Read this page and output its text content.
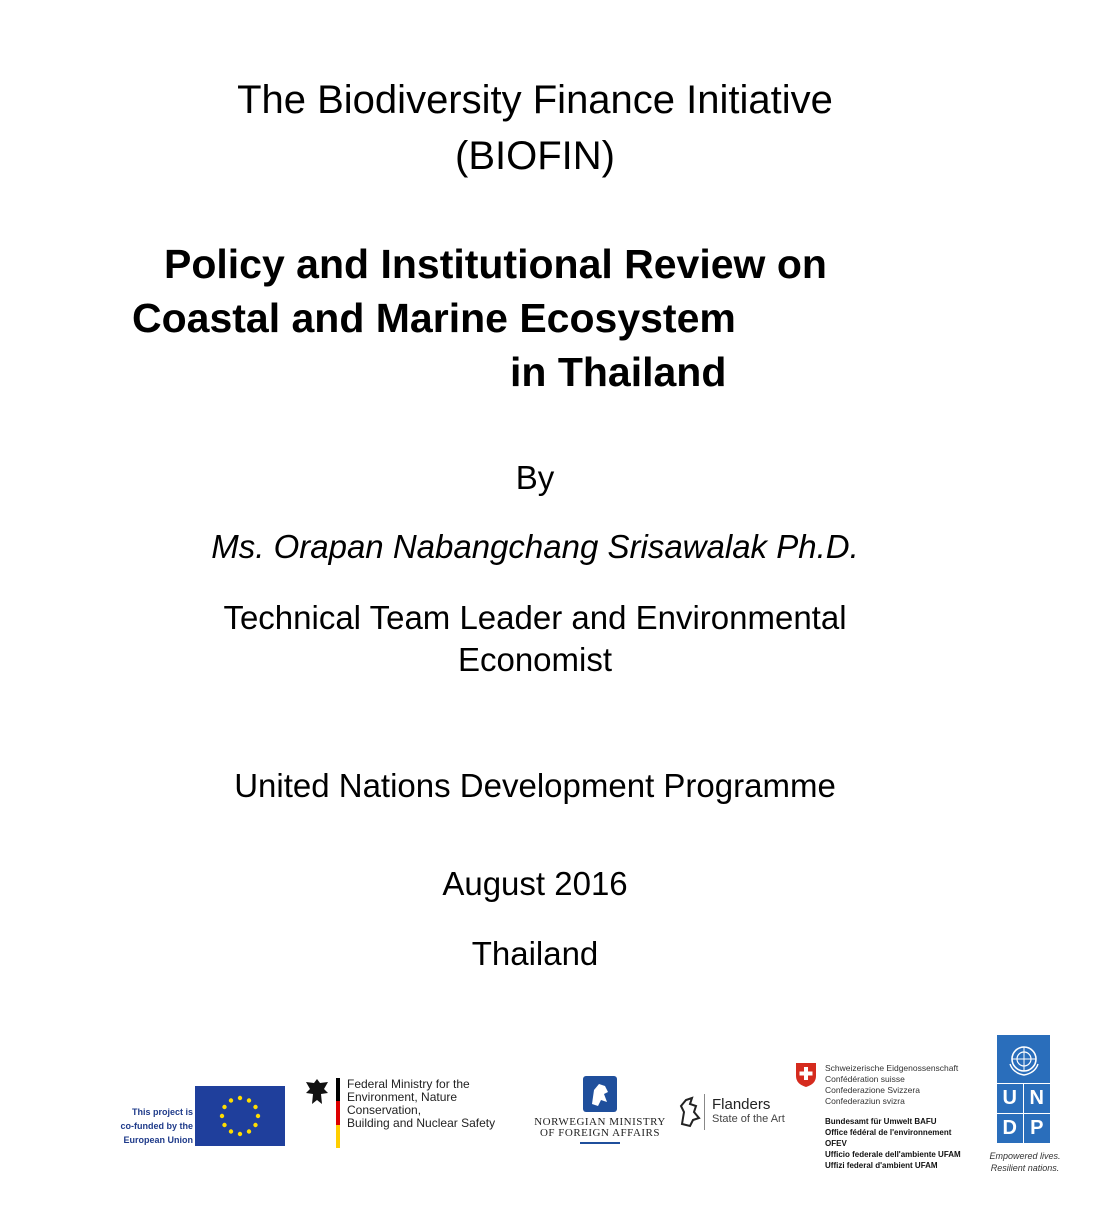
The Biodiversity Finance Initiative
(BIOFIN)
Policy and Institutional Review on
Coastal and Marine Ecosystem
in Thailand
By
Ms. Orapan Nabangchang Srisawalak Ph.D.
Technical Team Leader and Environmental
Economist
United Nations Development Programme
August 2016
Thailand
This project is
co-funded by the
European Union
Federal Ministry for the
Environment, Nature Conservation,
Building and Nuclear Safety	NORWEGIAN MINISTRY
OF FOREIGN AFFAIRS
Flanders
State of the Art
Schweizerische Eidgenossenschaft
Confédération suisse
Confederazione Svizzera
Confederaziun svizra
Bundesamt für Umwelt BAFU
Office fédéral de l'environnement OFEV
Ufficio federale dell'ambiente UFAM
Uffizi federal d'ambient UFAM
U N
D P
Empowered lives.
Resilient nations.
